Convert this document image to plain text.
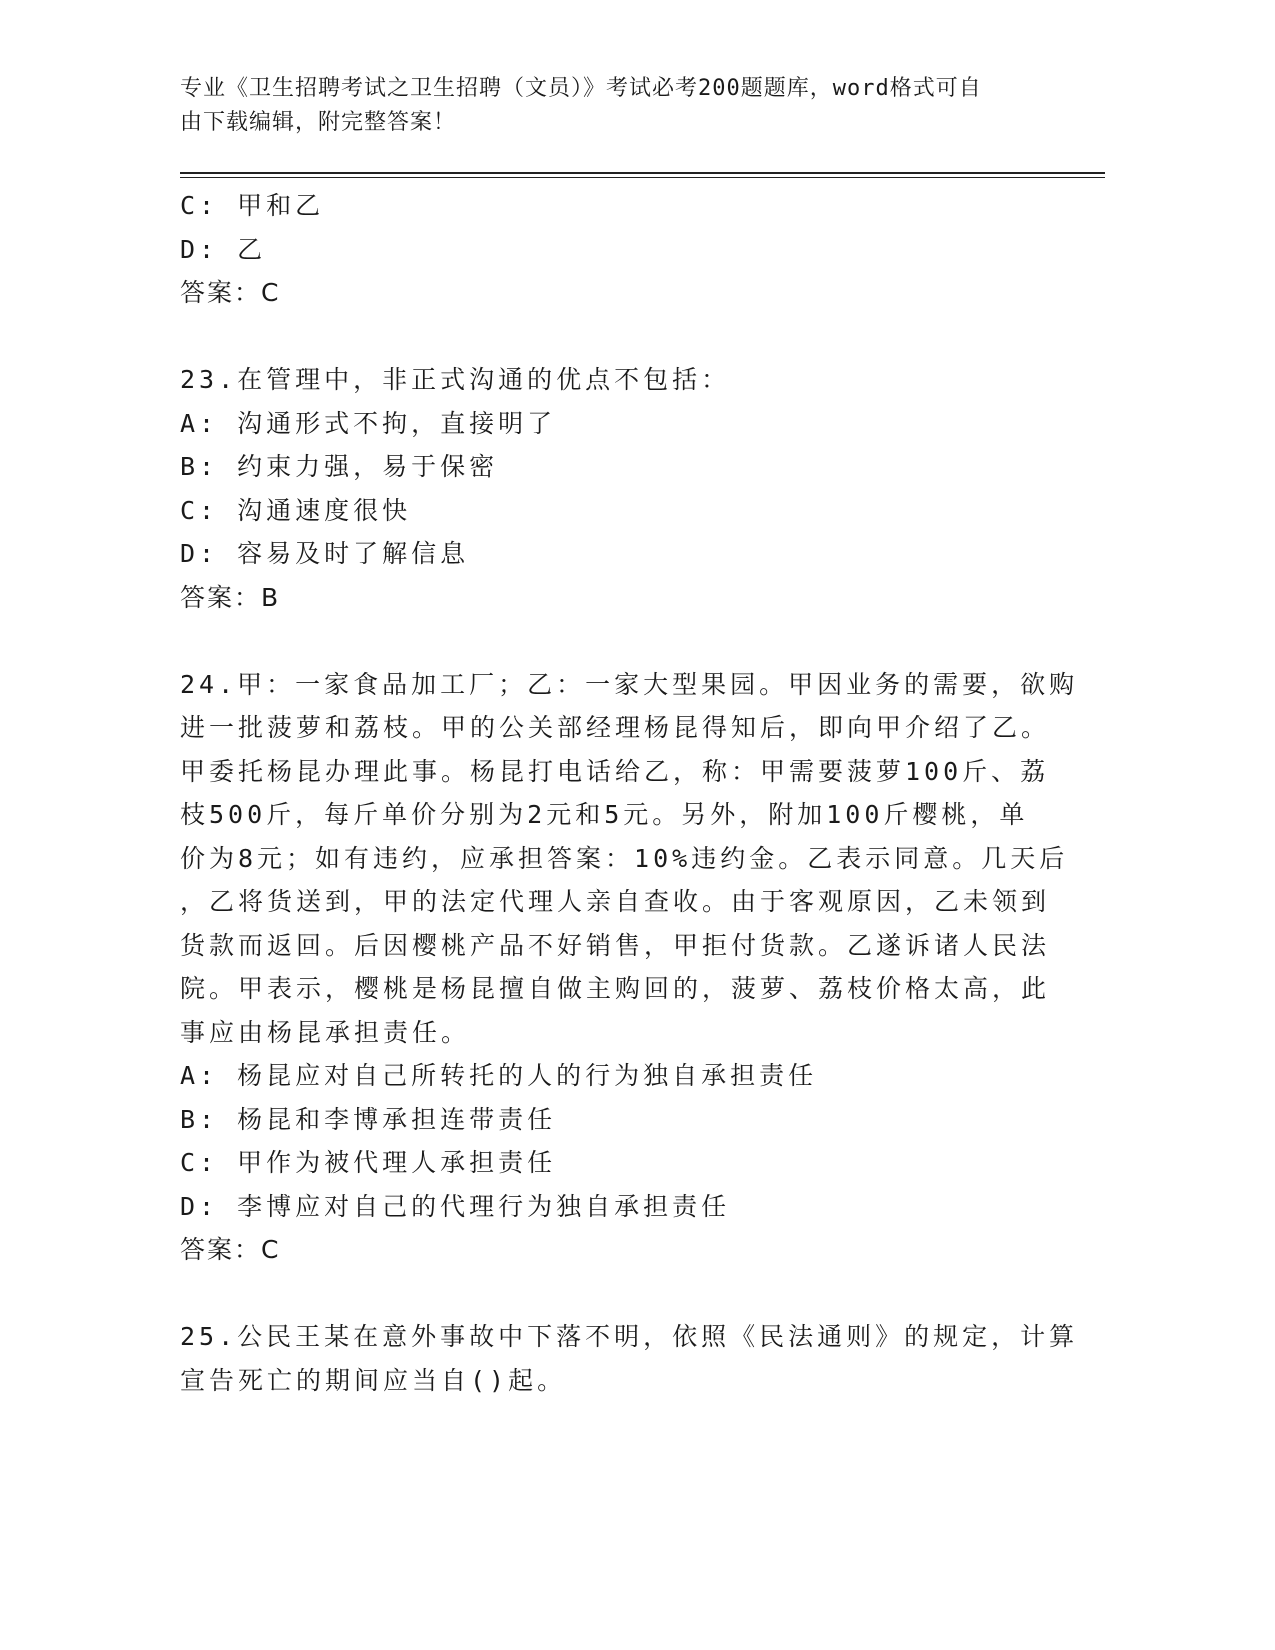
专业《卫生招聘考试之卫生招聘（文员）》考试必考200题题库，word格式可自
由下载编辑，附完整答案！
C: 甲和乙
D: 乙
答案：C
23.在管理中，非正式沟通的优点不包括：
A: 沟通形式不拘，直接明了
B: 约束力强，易于保密
C: 沟通速度很快
D: 容易及时了解信息
答案：B
24.甲：一家食品加工厂；乙：一家大型果园。甲因业务的需要，欲购
进一批菠萝和荔枝。甲的公关部经理杨昆得知后，即向甲介绍了乙。
甲委托杨昆办理此事。杨昆打电话给乙，称：甲需要菠萝100斤、荔
枝500斤，每斤单价分别为2元和5元。另外，附加100斤樱桃，单
价为8元；如有违约，应承担答案：10%违约金。乙表示同意。几天后
，乙将货送到，甲的法定代理人亲自查收。由于客观原因，乙未领到
货款而返回。后因樱桃产品不好销售，甲拒付货款。乙遂诉诸人民法
院。甲表示，樱桃是杨昆擅自做主购回的，菠萝、荔枝价格太高，此
事应由杨昆承担责任。
A: 杨昆应对自己所转托的人的行为独自承担责任
B: 杨昆和李博承担连带责任
C: 甲作为被代理人承担责任
D: 李博应对自己的代理行为独自承担责任
答案：C
25.公民王某在意外事故中下落不明，依照《民法通则》的规定，计算
宣告死亡的期间应当自()起。
